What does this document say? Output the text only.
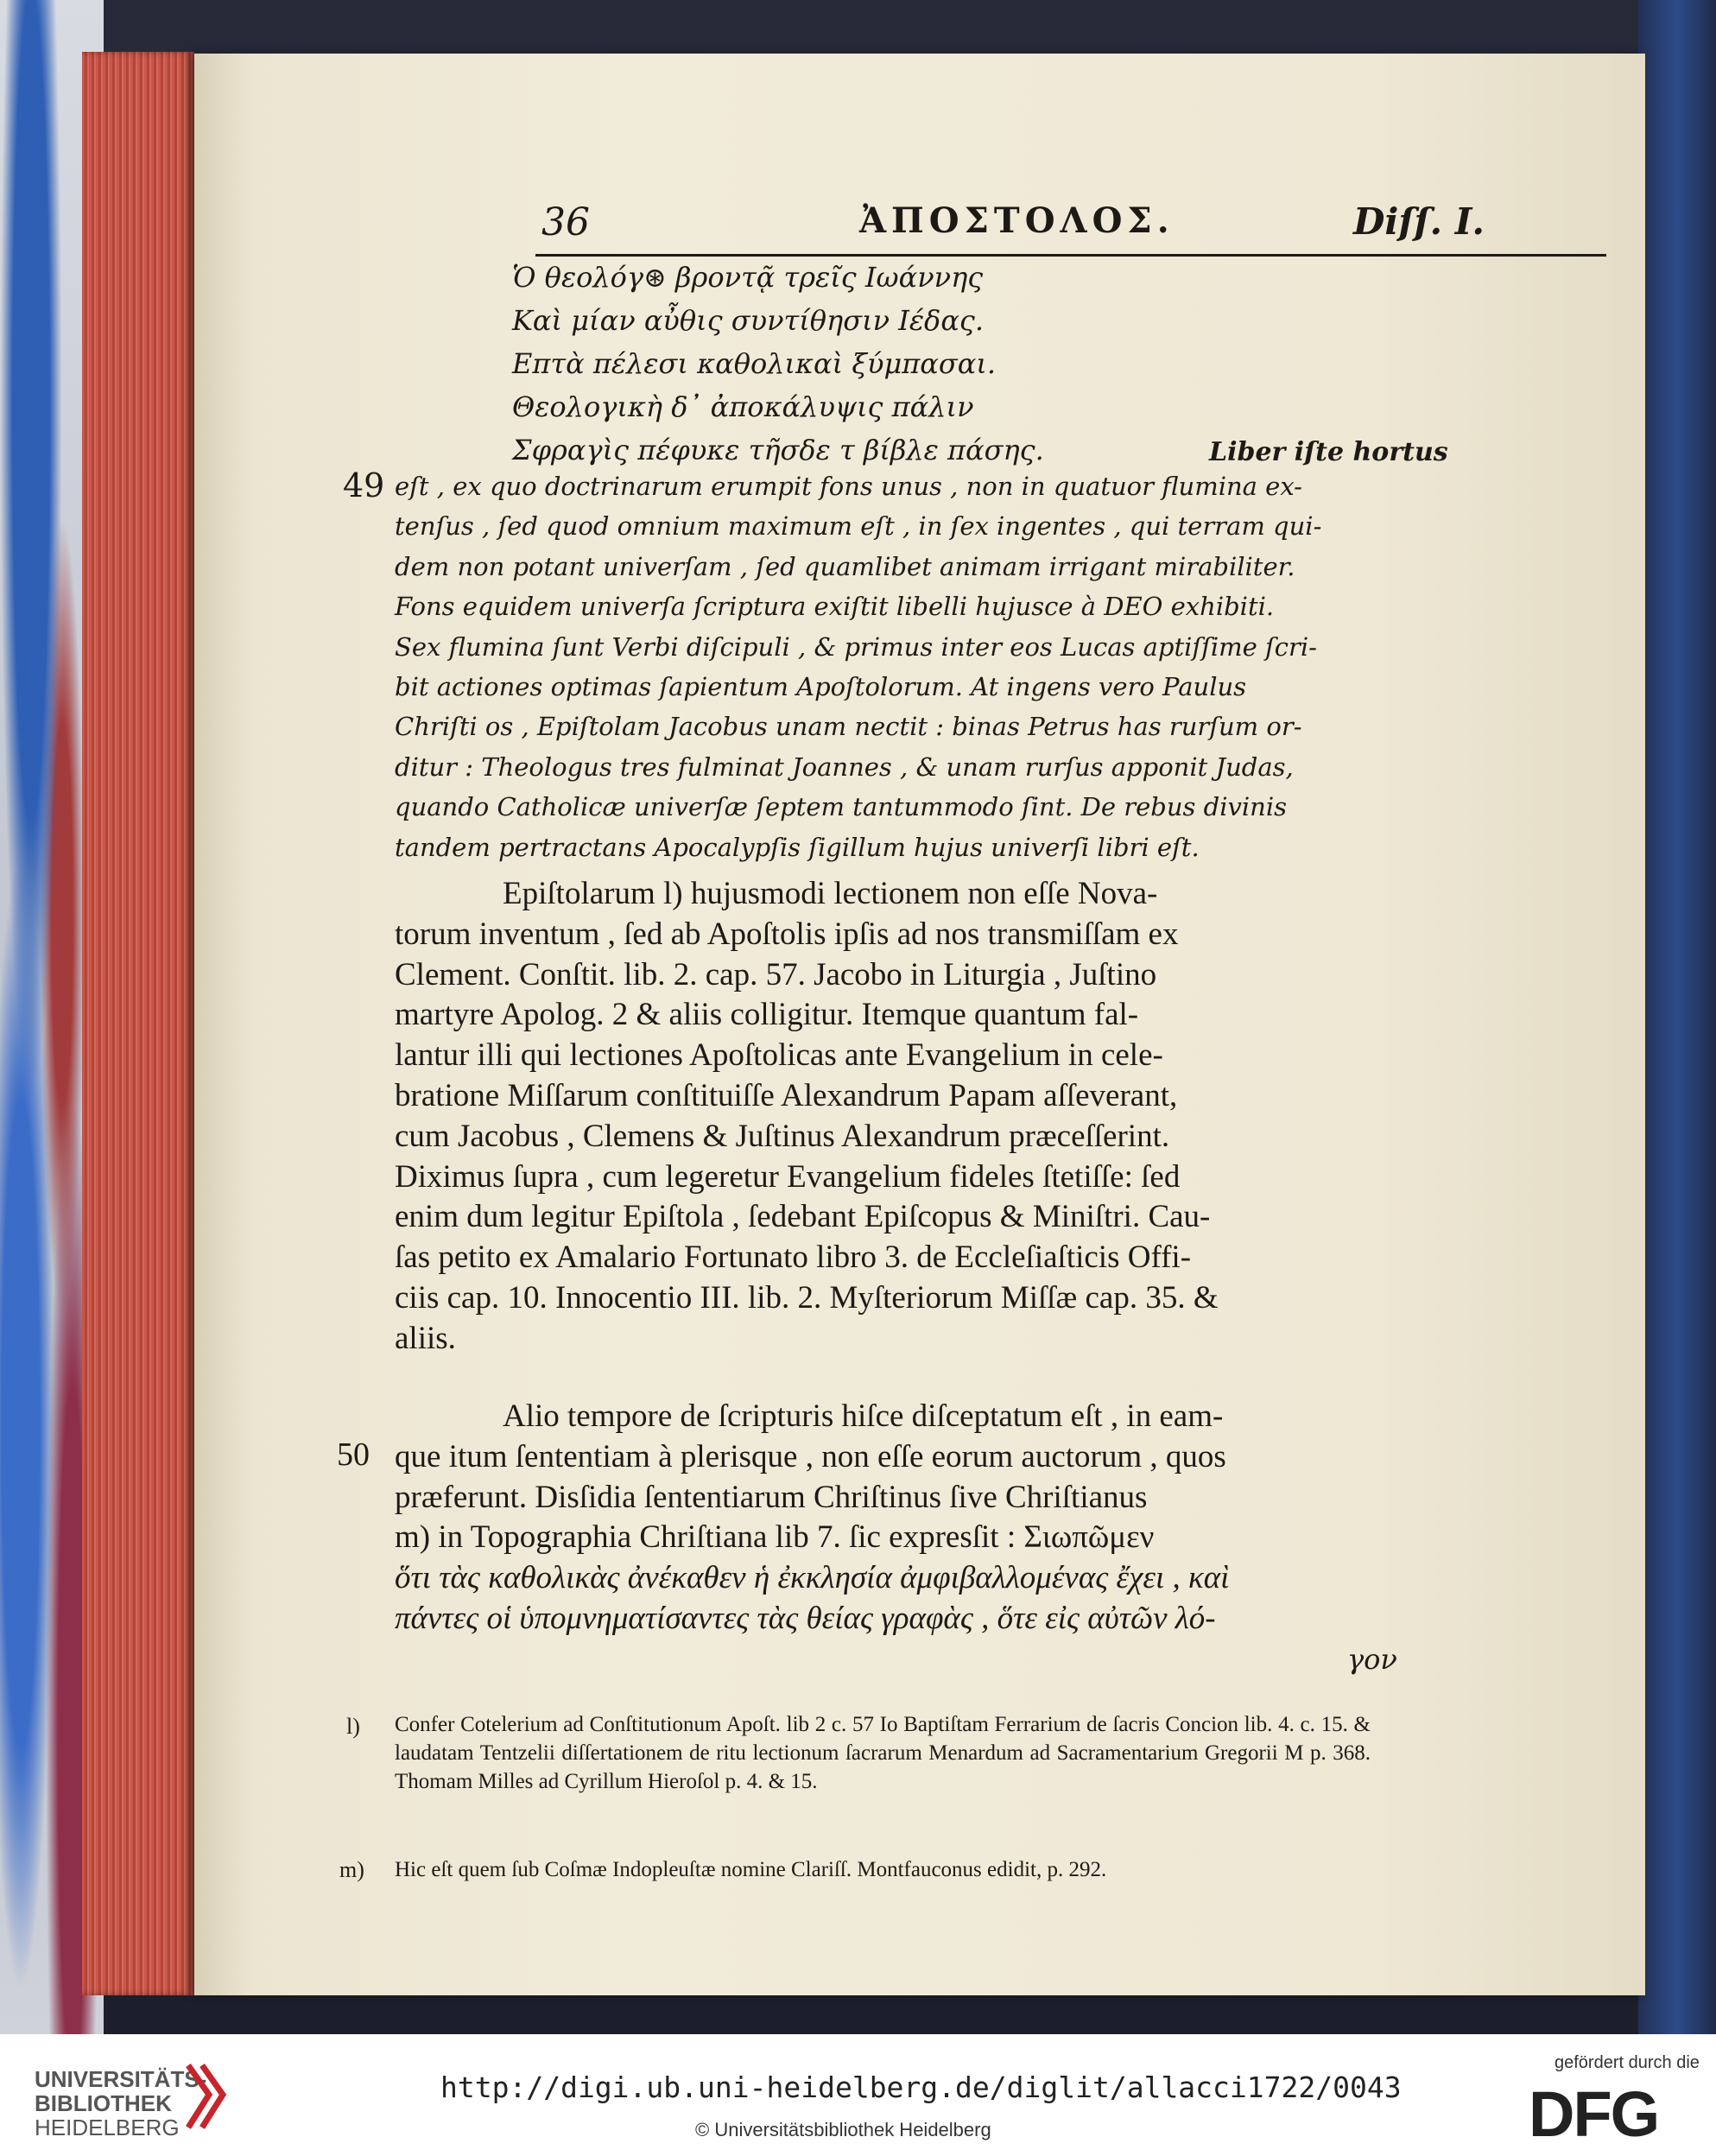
36	ἈΠΟΣΤΟΛΟΣ.	Diſſ. I.
Ὁ θεολόγ⊛ βροντᾷ τρεῖς Ιωάννης
Καὶ μίαν αὖθις συντίθησιν Ιέδας.
Επτὰ πέλεσι καθολικαὶ ξύμπασαι.
Θεολογικὴ δ᾽ ἀποκάλυψις πάλιν
Σφραγὶς πέφυκε τῆσδε τ βίβλε πάσης.	Liber iſte hortus
49 eſt , ex quo doctrinarum erumpit fons unus , non in quatuor flumina ex-

tenſus , ſed quod omnium maximum eſt , in ſex ingentes , qui terram qui-

dem non potant univerſam , ſed quamlibet animam irrigant mirabiliter.

Fons equidem univerſa ſcriptura exiſtit libelli hujusce à DEO exhibiti.

Sex flumina ſunt Verbi diſcipuli , & primus inter eos Lucas aptiſſime ſcri-

bit actiones optimas ſapientum Apoſtolorum. At ingens vero Paulus

Chriſti os , Epiſtolam Jacobus unam nectit : binas Petrus has rurſum or-

ditur : Theologus tres fulminat Joannes , & unam rurſus apponit Judas,

quando Catholicæ univerſæ ſeptem tantummodo ſint. De rebus divinis

tandem pertractans Apocalypſis ſigillum hujus univerſi libri eſt.

Epiſtolarum l) hujusmodi lectionem non eſſe Nova-

torum inventum , ſed ab Apoſtolis ipſis ad nos transmiſſam ex

Clement. Conſtit. lib. 2. cap. 57. Jacobo in Liturgia , Juſtino

martyre Apolog. 2 & aliis colligitur. Itemque quantum fal-

lantur illi qui lectiones Apoſtolicas ante Evangelium in cele-

bratione Miſſarum conſtituiſſe Alexandrum Papam aſſeverant,

cum Jacobus , Clemens & Juſtinus Alexandrum præceſſerint.

Diximus ſupra , cum legeretur Evangelium fideles ſtetiſſe: ſed

enim dum legitur Epiſtola , ſedebant Epiſcopus & Miniſtri. Cau-

ſas petito ex Amalario Fortunato libro 3. de Eccleſiaſticis Offi-

ciis cap. 10. Innocentio III. lib. 2. Myſteriorum Miſſæ cap. 35. &

aliis.

50

Alio tempore de ſcripturis hiſce diſceptatum eſt , in eam-

que itum ſententiam à plerisque , non eſſe eorum auctorum , quos

præferunt. Disſidia ſententiarum Chriſtinus ſive Chriſtianus

m) in Topographia Chriſtiana lib 7. ſic expresſit : Σιωπῶμεν

ὅτι τὰς καθολικὰς ἀνέκαθεν ἡ ἐκκλησία ἀμφιβαλλομένας ἔχει , καὶ

πάντες οἱ ὑπομνηματίσαντες τὰς θείας γραφὰς , ὅτε εἰς αὐτῶν λό-

γον
l) Confer Cotelerium ad Conſtitutionum Apoſt. lib 2 c. 57 Io Baptiſtam Ferrarium de ſacris Concion lib. 4. c. 15. & laudatam Tentzelii diſſertationem de ritu lectionum ſacrarum Menardum ad Sacramentarium Gregorii M p. 368. Thomam Milles ad Cyrillum Hieroſol p. 4. & 15.
m) Hic eſt quem ſub Coſmæ Indopleuſtæ nomine Clariſſ. Montfauconus edidit, p. 292.
UNIVERSITÄTS-
BIBLIOTHEK
HEIDELBERG
http://digi.ub.uni-heidelberg.de/diglit/allacci1722/0043
© Universitätsbibliothek Heidelberg
gefördert durch die
DFG
